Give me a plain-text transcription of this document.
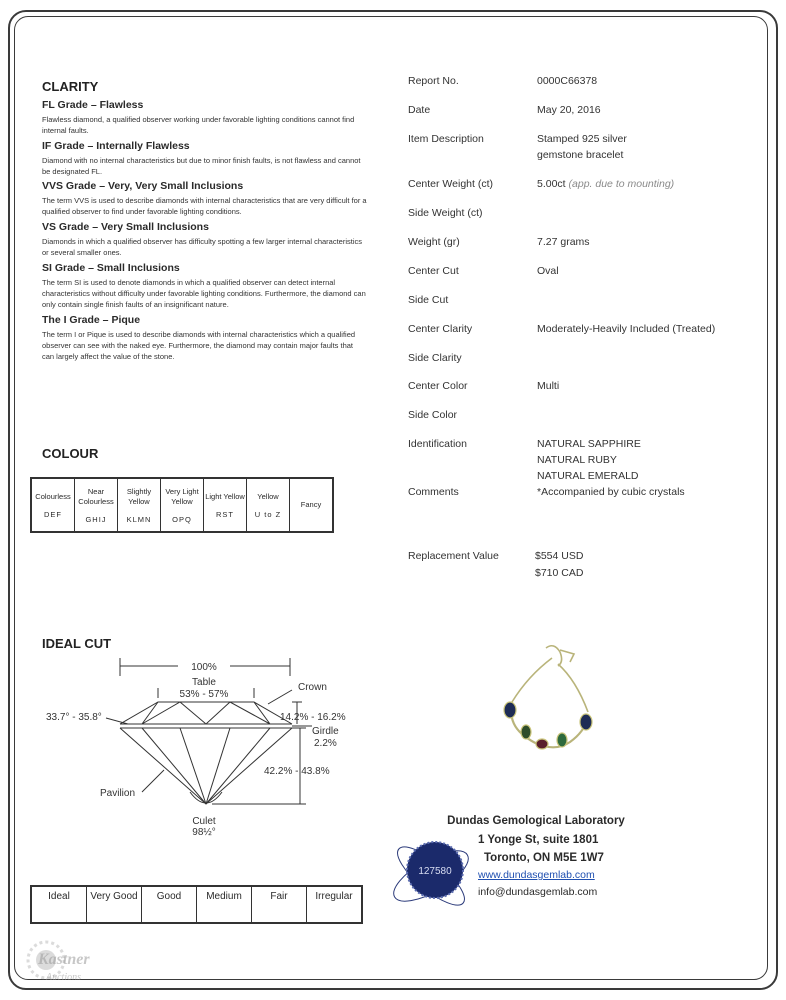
CLARITY
FL Grade – Flawless
Flawless diamond, a qualified observer working under favorable lighting conditions cannot find internal faults.
IF Grade – Internally Flawless
Diamond with no internal characteristics but due to minor finish faults, is not flawless and cannot be designated FL.
VVS Grade – Very, Very Small Inclusions
The term VVS is used to describe diamonds with internal characteristics that are very difficult for a qualified observer to find under favorable lighting conditions.
VS Grade – Very Small Inclusions
Diamonds in which a qualified observer has difficulty spotting a few larger internal characteristics or several smaller ones.
SI Grade – Small Inclusions
The term SI is used to denote diamonds in which a qualified observer can detect internal characteristics without difficulty under favorable lighting conditions. Furthermore, the diamond can only contain single finish faults of an insignificant nature.
The I Grade – Pique
The term I or Pique is used to describe diamonds with internal characteristics which a qualified observer can see with the naked eye. Furthermore, the diamond may contain major faults that can largely affect the value of the stone.
COLOUR
Colourless
DEF

Near Colourless
GHIJ

Slightly Yellow
KLMN

Very Light Yellow
OPQ

Light Yellow
RST

Yellow
U to Z

Fancy
IDEAL CUT
100%
Table
53% - 57%
Crown
33.7° - 35.8°	14.2% - 16.2%
Girdle
2.2%
42.2% - 43.8%
Pavilion
Culet
98½°
Ideal	Very Good	Good	Medium	Fair	Irregular
Kastner
Auctions
Report No.	0000C66378
Date	May 20, 2016
Item Description	Stamped 925 silver
gemstone bracelet
Center Weight (ct)	5.00ct (app. due to mounting)
Side Weight (ct)
Weight (gr)	7.27 grams
Center Cut	Oval
Side Cut
Center Clarity	Moderately-Heavily Included (Treated)
Side Clarity
Center Color	Multi
Side Color
Identification	NATURAL SAPPHIRE
NATURAL RUBY
NATURAL EMERALD
Comments	*Accompanied by cubic crystals
Replacement Value	$554 USD
$710 CAD
Dundas Gemological Laboratory
1 Yonge St, suite 1801
Toronto, ON M5E 1W7
www.dundasgemlab.com
info@dundasgemlab.com
127580
